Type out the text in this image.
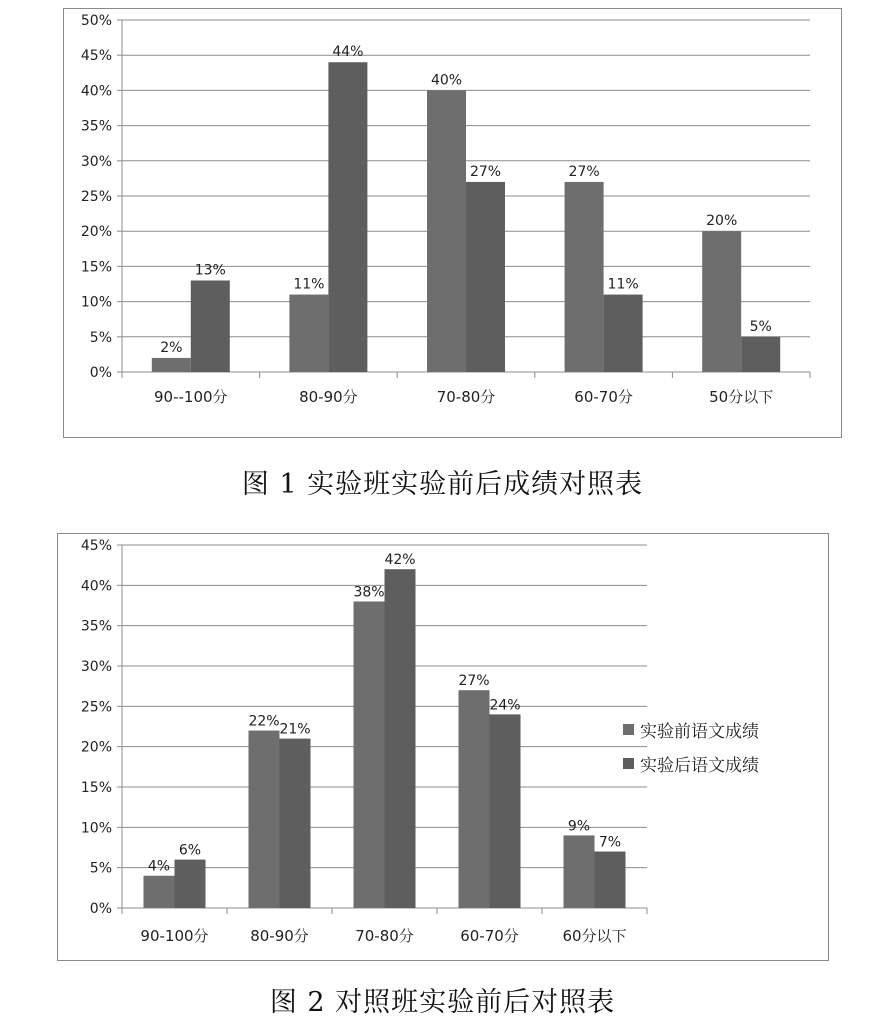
0%
5%
10%
15%
20%
25%
30%
35%
40%
45%
50%
90--100分
2%
13%
80-90分
11%
44%
70-80分
40%
27%
60-70分
27%
11%
50分以下
20%
5%
图 1 实验班实验前后成绩对照表
0%
5%
10%
15%
20%
25%
30%
35%
40%
45%
90-100分
4%
6%
80-90分
22%
21%
70-80分
38%
42%
60-70分
27%
24%
60分以下
9%
7%
图 2 对照班实验前后对照表
实验前语文成绩
实验后语文成绩
